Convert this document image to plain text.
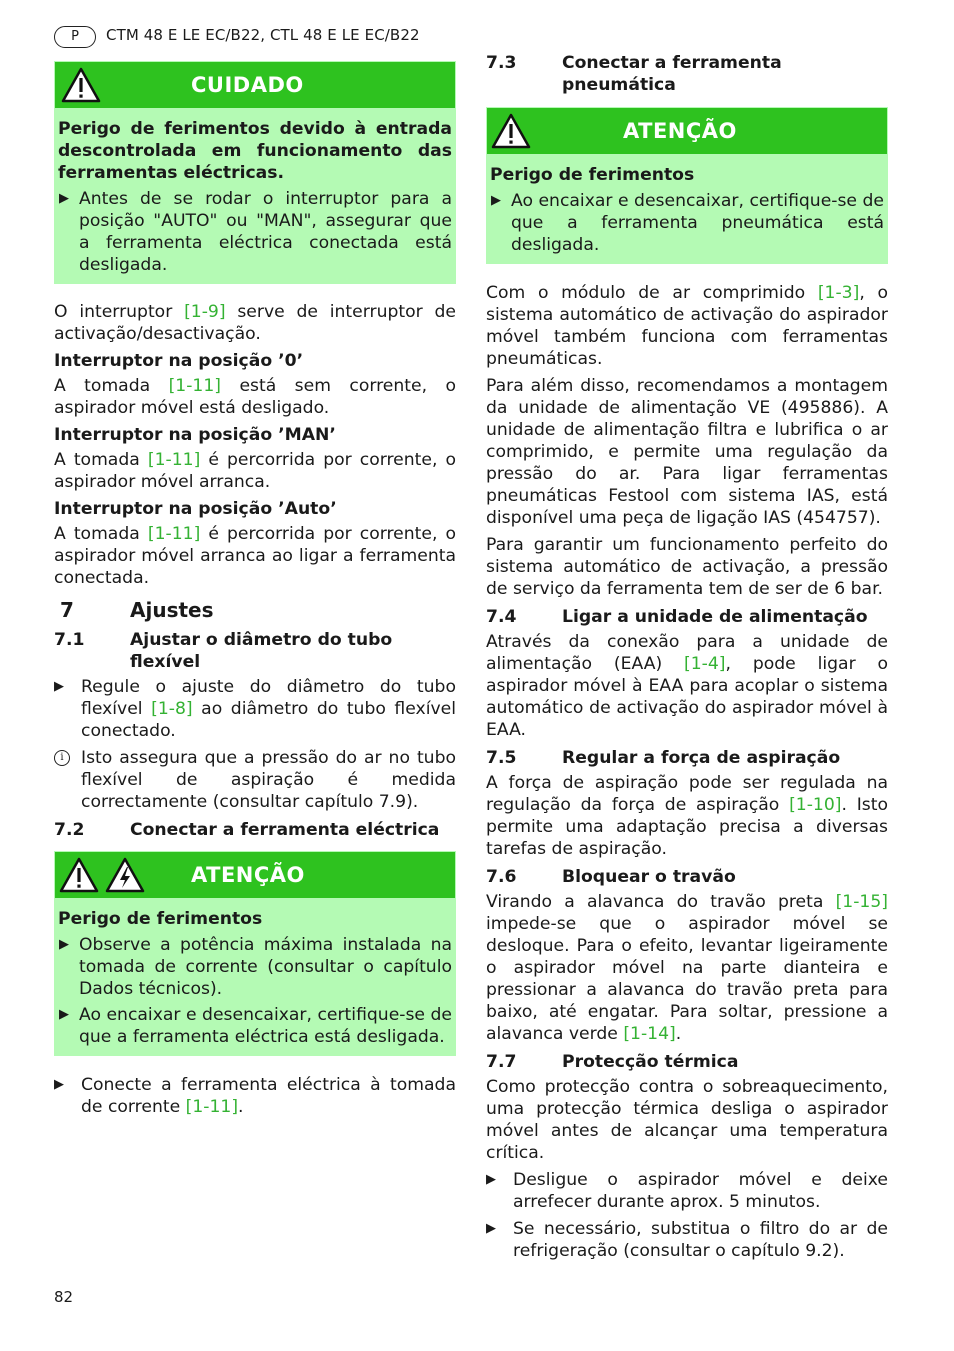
P	CTM 48 E LE EC/B22, CTL 48 E LE EC/B22
CUIDADO

Perigo de ferimentos devido à entrada descontrolada em funcionamento das ferramentas eléctricas.

▶ Antes de se rodar o interruptor para a posição "AUTO" ou "MAN", assegurar que a ferramenta eléctrica conectada está desligada.

O interruptor [1-9] serve de interruptor de activação/desactivação.

Interruptor na posição ’0’

A tomada [1-11] está sem corrente, o aspirador móvel está desligado.

Interruptor na posição ’MAN’

A tomada [1-11] é percorrida por corrente, o aspirador móvel arranca.

Interruptor na posição ’Auto’

A tomada [1-11] é percorrida por corrente, o aspirador móvel arranca ao ligar a ferramenta conectada.

7	Ajustes
7.1	Ajustar o diâmetro do tubo flexível
▶ Regule o ajuste do diâmetro do tubo flexível [1-8] ao diâmetro do tubo flexível conectado.

i	Isto assegura que a pressão do ar no tubo flexível de aspiração é medida correctamente (consultar capítulo 7.9).

7.2	Conectar a ferramenta eléctrica
ATENÇÃO

Perigo de ferimentos

▶ Observe a potência máxima instalada na tomada de corrente (consultar o capítulo Dados técnicos).

▶ Ao encaixar e desencaixar, certifique-se de que a ferramenta eléctrica está desligada.

▶ Conecte a ferramenta eléctrica à tomada de corrente [1-11].

7.3	Conectar a ferramenta pneumática
ATENÇÃO

Perigo de ferimentos

▶ Ao encaixar e desencaixar, certifique-se de que a ferramenta pneumática está desligada.

Com o módulo de ar comprimido [1-3], o sistema automático de activação do aspirador móvel também funciona com ferramentas pneumáticas.

Para além disso, recomendamos a montagem da unidade de alimentação VE (495886). A unidade de alimentação filtra e lubrifica o ar comprimido, e permite uma regulação da pressão do ar. Para ligar ferramentas pneumáticas Festool com sistema IAS, está disponível uma peça de ligação IAS (454757).

Para garantir um funcionamento perfeito do sistema automático de activação, a pressão de serviço da ferramenta tem de ser de 6 bar.

7.4	Ligar a unidade de alimentação

Através da conexão para a unidade de alimentação (EAA) [1-4], pode ligar o aspirador móvel à EAA para acoplar o sistema automático de activação do aspirador móvel à EAA.

7.5	Regular a força de aspiração

A força de aspiração pode ser regulada na regulação da força de aspiração [1-10]. Isto permite uma adaptação precisa a diversas tarefas de aspiração.

7.6	Bloquear o travão

Virando a alavanca do travão preta [1-15] impede-se que o aspirador móvel se desloque. Para o efeito, levantar ligeiramente o aspirador móvel na parte dianteira e pressionar a alavanca do travão preta para baixo, até engatar. Para soltar, pressione a alavanca verde [1-14].

7.7	Protecção térmica

Como protecção contra o sobreaquecimento, uma protecção térmica desliga o aspirador móvel antes de alcançar uma temperatura crítica.

▶ Desligue o aspirador móvel e deixe arrefecer durante aprox. 5 minutos.

▶ Se necessário, substitua o filtro do ar de refrigeração (consultar o capítulo 9.2).

82
